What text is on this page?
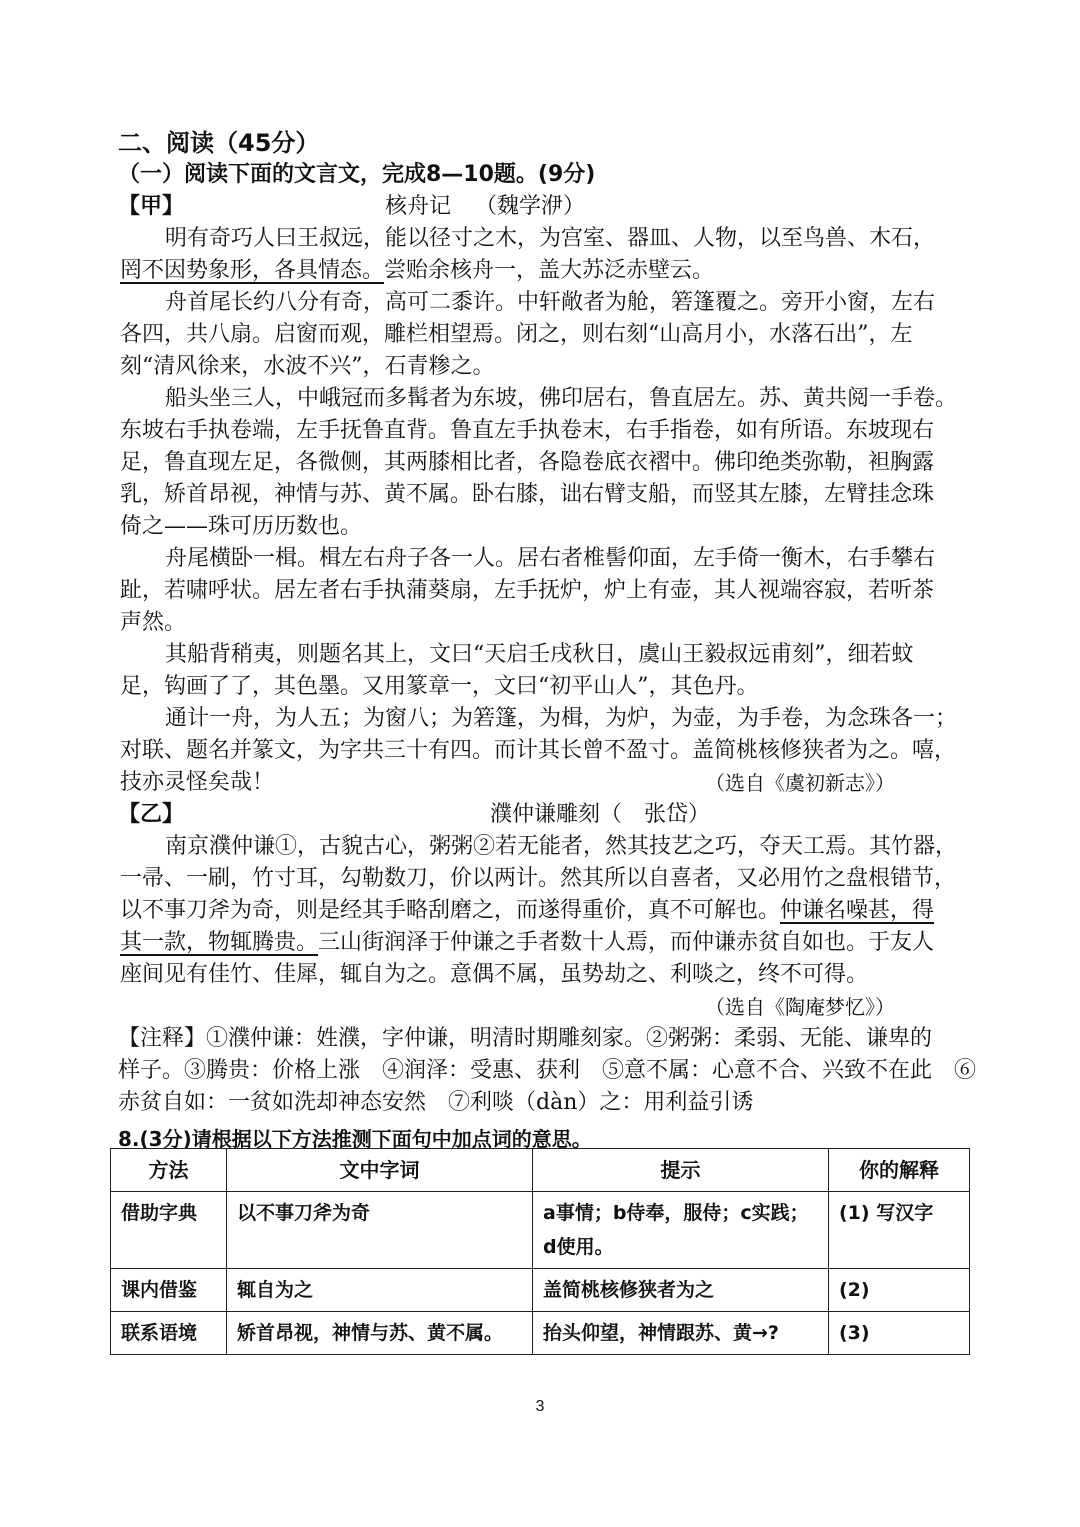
二、阅读（45分）
（一）阅读下面的文言文，完成8—10题。(9分)
【甲】	核舟记 （魏学洢）
明有奇巧人曰王叔远，能以径寸之木，为宫室、器皿、人物，以至鸟兽、木石，
罔不因势象形，各具情态。尝贻余核舟一，盖大苏泛赤壁云。
舟首尾长约八分有奇，高可二黍许。中轩敞者为舱，箬篷覆之。旁开小窗，左右
各四，共八扇。启窗而观，雕栏相望焉。闭之，则右刻“山高月小，水落石出”，左
刻“清风徐来，水波不兴”，石青糁之。
船头坐三人，中峨冠而多髯者为东坡，佛印居右，鲁直居左。苏、黄共阅一手卷。
东坡右手执卷端，左手抚鲁直背。鲁直左手执卷末，右手指卷，如有所语。东坡现右
足，鲁直现左足，各微侧，其两膝相比者，各隐卷底衣褶中。佛印绝类弥勒，袒胸露
乳，矫首昂视，神情与苏、黄不属。卧右膝，诎右臂支船，而竖其左膝，左臂挂念珠
倚之——珠可历历数也。
舟尾横卧一楫。楫左右舟子各一人。居右者椎髻仰面，左手倚一衡木，右手攀右
趾，若啸呼状。居左者右手执蒲葵扇，左手抚炉，炉上有壶，其人视端容寂，若听茶
声然。
其船背稍夷，则题名其上，文曰“天启壬戌秋日，虞山王毅叔远甫刻”，细若蚊
足，钩画了了，其色墨。又用篆章一，文曰“初平山人”，其色丹。
通计一舟，为人五；为窗八；为箬篷，为楫，为炉，为壶，为手卷，为念珠各一；
对联、题名并篆文，为字共三十有四。而计其长曾不盈寸。盖简桃核修狭者为之。嘻，
技亦灵怪矣哉！	（选自《虞初新志》）
【乙】	濮仲谦雕刻（　张岱）
南京濮仲谦①，古貌古心，粥粥②若无能者，然其技艺之巧，夺天工焉。其竹器，
一帚、一刷，竹寸耳，勾勒数刀，价以两计。然其所以自喜者，又必用竹之盘根错节，
以不事刀斧为奇，则是经其手略刮磨之，而遂得重价，真不可解也。仲谦名噪甚，得
其一款，物辄腾贵。三山街润泽于仲谦之手者数十人焉，而仲谦赤贫自如也。于友人
座间见有佳竹、佳犀，辄自为之。意偶不属，虽势劫之、利啖之，终不可得。
（选自《陶庵梦忆》）
【注释】①濮仲谦：姓濮，字仲谦，明清时期雕刻家。②粥粥：柔弱、无能、谦卑的
样子。③腾贵：价格上涨　④润泽：受惠、获利　⑤意不属：心意不合、兴致不在此　⑥
赤贫自如：一贫如洗却神态安然　⑦利啖（dàn）之：用利益引诱
8.(3分)请根据以下方法推测下面句中加点词的意思。
方法	文中字词	提示	你的解释
借助字典	以不事刀斧为奇	a事情；b侍奉，服侍；c实践；d使用。	(1) 写汉字
课内借鉴	辄自为之	盖简桃核修狭者为之	(2)
联系语境	矫首昂视，神情与苏、黄不属。	抬头仰望，神情跟苏、黄→?	(3)
3
